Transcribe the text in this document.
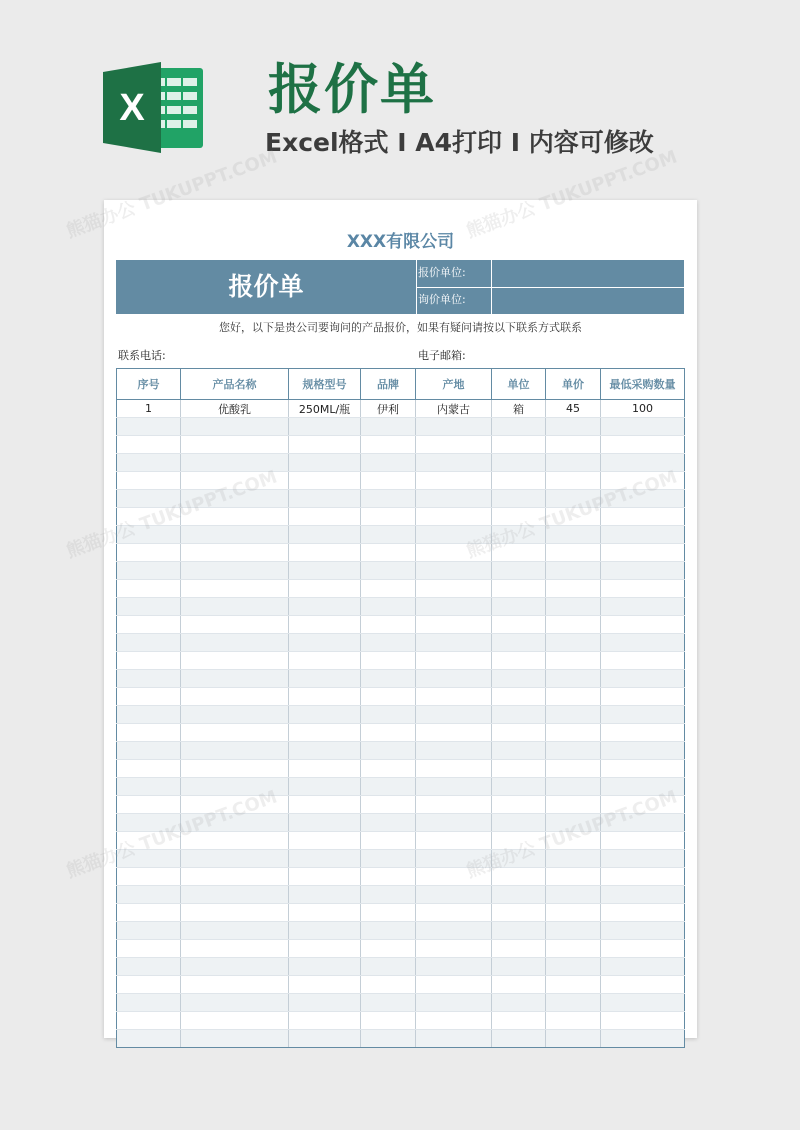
X 报价单
Excel格式 I A4打印 I 内容可修改
XXX有限公司
报价单	报价单位:
询价单位:
您好，以下是贵公司要询问的产品报价，如果有疑问请按以下联系方式联系
联系电话:	电子邮箱:
序号	产品名称	规格型号	品牌	产地	单位	单价	最低采购数量
1	优酸乳	250ML/瓶	伊利	内蒙古	箱	45	100

熊猫办公 TUKUPPT.COM	熊猫办公 TUKUPPT.COM
熊猫办公
熊猫办公
